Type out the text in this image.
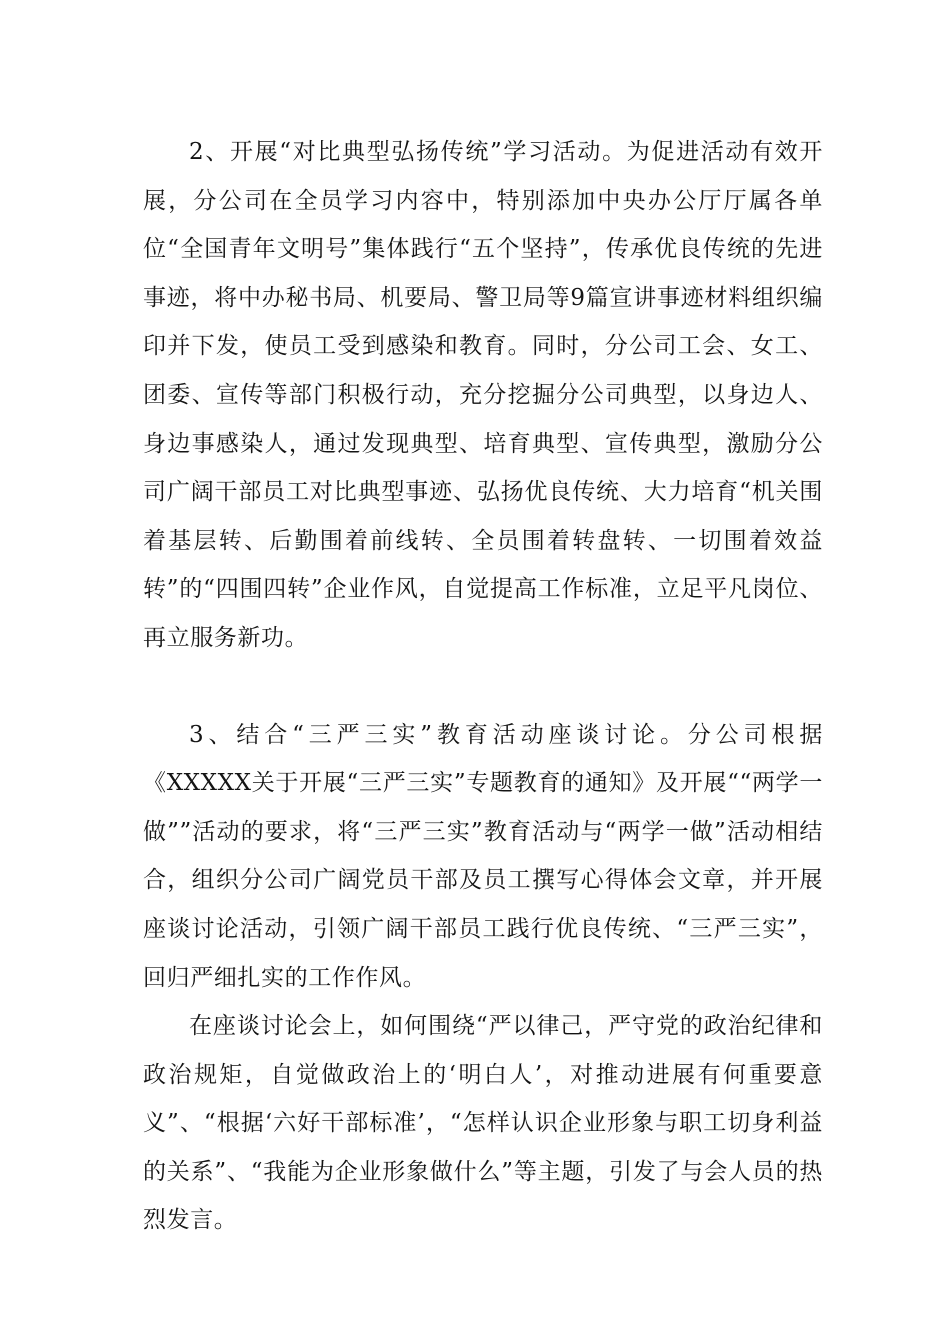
2、开展“对比典型弘扬传统”学习活动。为促进活动有效开展，分公司在全员学习内容中，特别添加中央办公厅厅属各单位“全国青年文明号”集体践行“五个坚持”，传承优良传统的先进事迹，将中办秘书局、机要局、警卫局等9篇宣讲事迹材料组织编印并下发，使员工受到感染和教育。同时，分公司工会、女工、团委、宣传等部门积极行动，充分挖掘分公司典型，以身边人、身边事感染人，通过发现典型、培育典型、宣传典型，激励分公司广阔干部员工对比典型事迹、弘扬优良传统、大力培育“机关围着基层转、后勤围着前线转、全员围着转盘转、一切围着效益转”的“四围四转”企业作风，自觉提高工作标准，立足平凡岗位、再立服务新功。

3、结合“三严三实”教育活动座谈讨论。分公司根据《XXXXX关于开展“三严三实”专题教育的通知》及开展““两学一做””活动的要求，将“三严三实”教育活动与“两学一做”活动相结合，组织分公司广阔党员干部及员工撰写心得体会文章，并开展座谈讨论活动，引领广阔干部员工践行优良传统、“三严三实”，回归严细扎实的工作作风。

在座谈讨论会上，如何围绕“严以律己，严守党的政治纪律和政治规矩，自觉做政治上的‘明白人’，对推动进展有何重要意义”、“根据‘六好干部标准’，“怎样认识企业形象与职工切身利益的关系”、“我能为企业形象做什么”等主题，引发了与会人员的热烈发言。
